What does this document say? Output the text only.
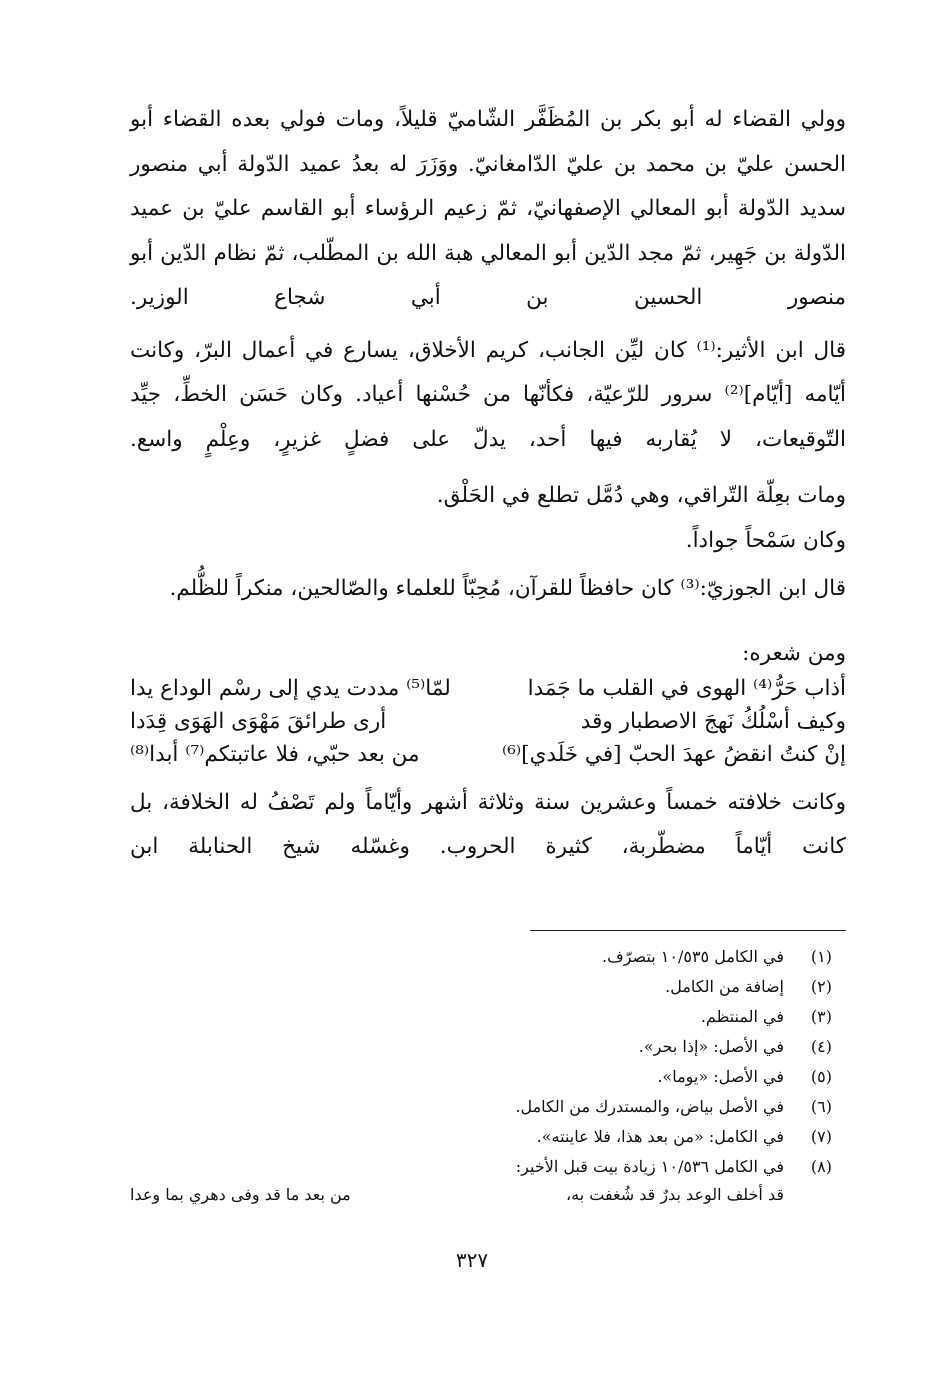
وولي القضاء له أبو بكر بن المُظَفَّر الشّاميّ قليلاً، ومات فولي بعده القضاء أبو الحسن عليّ بن محمد بن عليّ الدّامغانيّ. ووَزَرَ له بعدُ عميد الدّولة أبي منصور سديد الدّولة أبو المعالي الإصفهانيّ، ثمّ زعيم الرؤساء أبو القاسم عليّ بن عميد الدّولة بن جَهِير، ثمّ مجد الدّين أبو المعالي هبة الله بن المطّلب، ثمّ نظام الدّين أبو منصور الحسين بن أبي شجاع الوزير.

قال ابن الأثير:⁽¹⁾ كان ليِّن الجانب، كريم الأخلاق، يسارع في أعمال البرّ، وكانت أيّامه [أيّام]⁽²⁾ سرور للرّعيّة، فكأنّها من حُسْنها أعياد. وكان حَسَن الخطِّ، جيِّد التّوقيعات، لا يُقاربه فيها أحد، يدلّ على فضلٍ غزيرٍ، وعِلْمٍ واسع.

ومات بعِلّة التّراقي، وهي دُمَّل تطلع في الحَلْق.

وكان سَمْحاً جواداً.

قال ابن الجوزيّ:⁽³⁾ كان حافظاً للقرآن، مُحِبّاً للعلماء والصّالحين، منكراً للظُّلم.

ومن شعره:
أذاب حَرُّ⁽⁴⁾ الهوى في القلب ما جَمَدا
لمّا⁽⁵⁾ مددت يدي إلى رسْم الوداع يدا
وكيف أسْلُكُ نَهجَ الاصطبار وقد
أرى طرائقَ مَهْوَى الهَوَى قِدَدا
إنْ كنتُ انقضُ عهدَ الحبّ [في خَلَدي]⁽⁶⁾
من بعد حبّي، فلا عاتبتكم⁽⁷⁾ أبدا⁽⁸⁾

وكانت خلافته خمساً وعشرين سنة وثلاثة أشهر وأيّاماً ولم تَصْفُ له الخلافة، بل كانت أيّاماً مضطّربة، كثيرة الحروب. وغسّله شيخ الحنابلة ابن

(١)
في الكامل ١٠/٥٣٥ بتصرّف.
(٢)
إضافة من الكامل.
(٣)
في المنتظم.
(٤)
في الأصل: «إذا بحر».
(٥)
في الأصل: «يوما».
(٦)
في الأصل بياض، والمستدرك من الكامل.
(٧)
في الكامل: «من بعد هذا، فلا عاينته».
(٨)
في الكامل ١٠/٥٣٦ زيادة بيت قبل الأخير:
قد أخلف الوعد بدرٌ قد شُغفت به،
من بعد ما قد وفى دهري بما وعدا
٣٢٧
